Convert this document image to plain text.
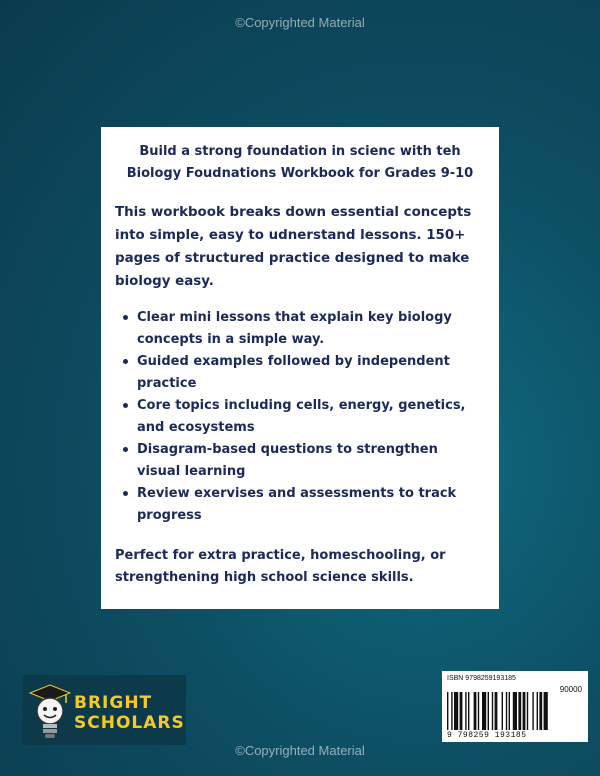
©Copyrighted Material
Build a strong foundation in scienc with teh
Biology Foudnations Workbook for Grades 9-10

This workbook breaks down essential concepts into simple, easy to udnerstand lessons. 150+ pages of structured practice designed to make biology easy.

Clear mini lessons that explain key biology concepts in a simple way.
Guided examples followed by independent practice
Core topics including cells, energy, genetics, and ecosystems
Disagram-based questions to strengthen visual learning
Review exervises and assessments to track progress

Perfect for extra practice, homeschooling, or strengthening high school science skills.

BRIGHT
SCHOLARS
ISBN 9798259193185
90000
9 798259 193185
©Copyrighted Material
